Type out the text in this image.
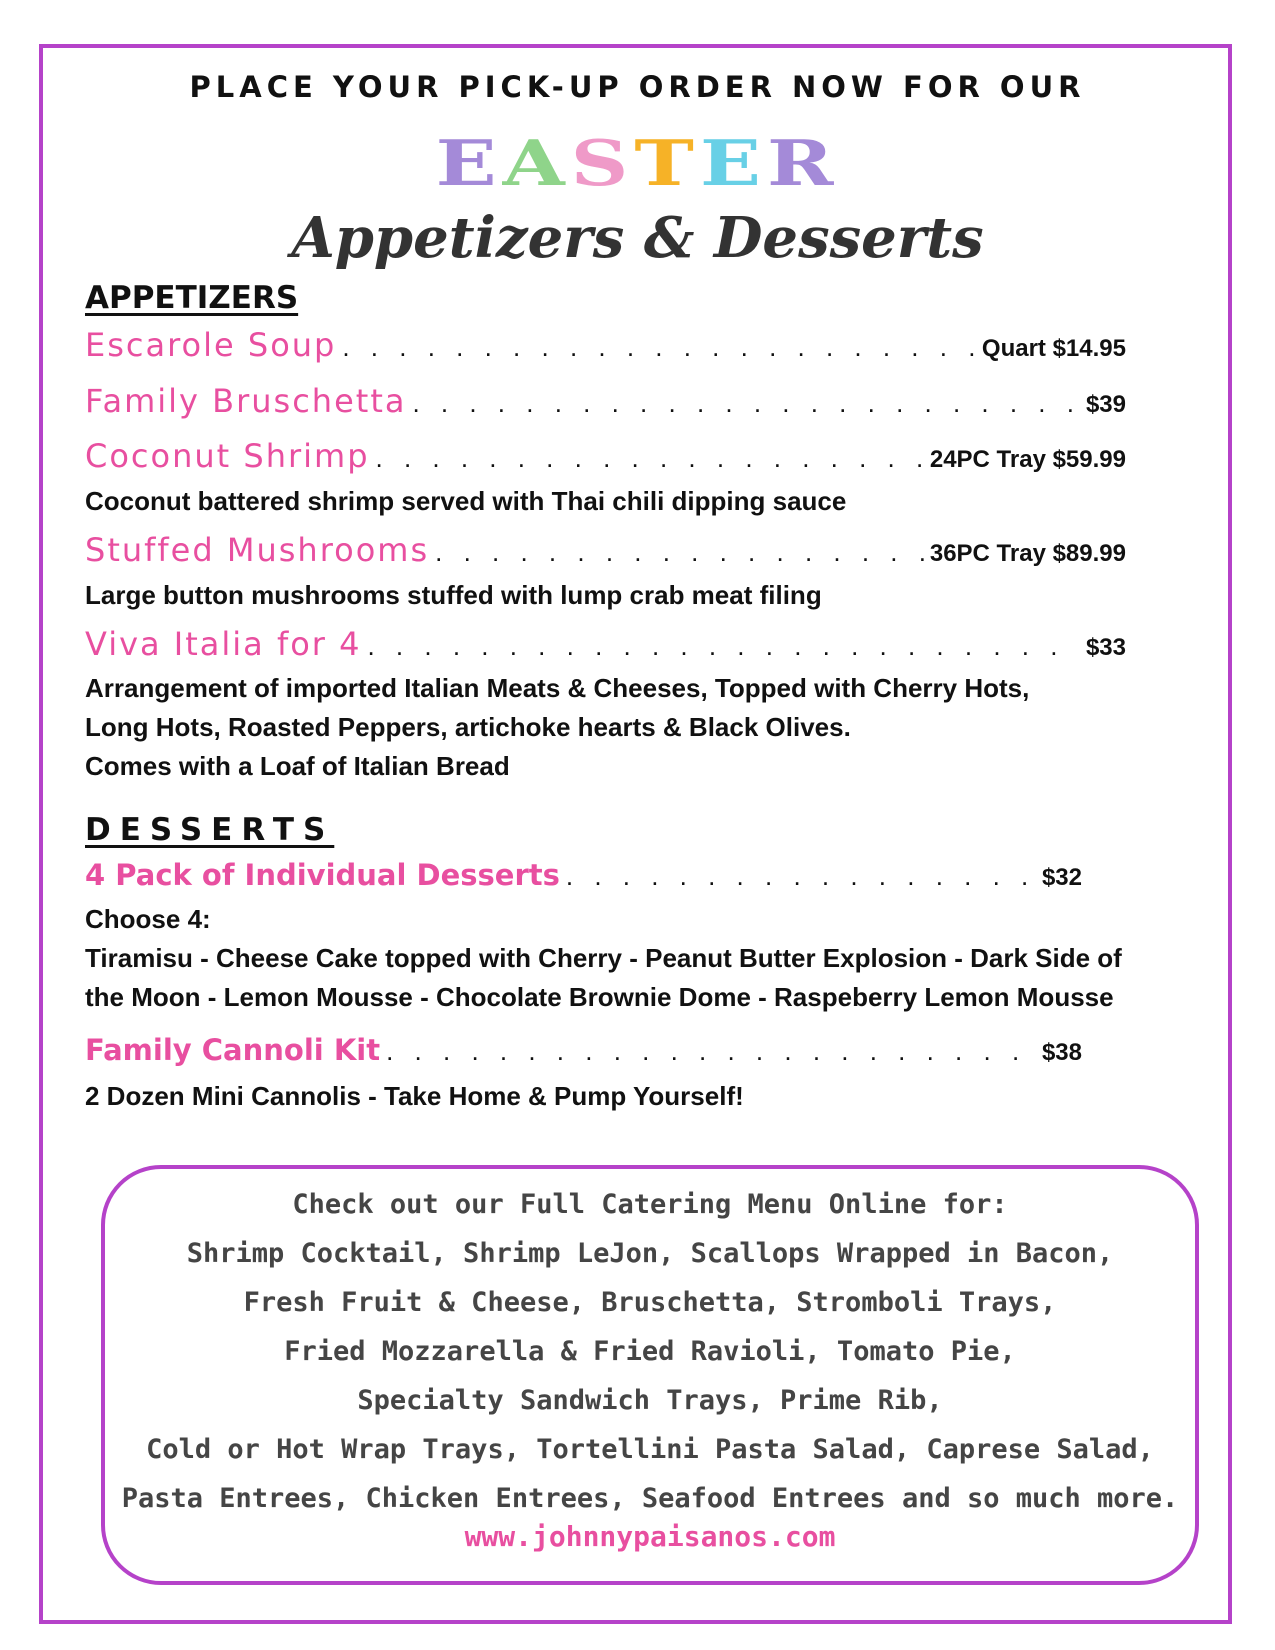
PLACE YOUR PICK-UP ORDER NOW FOR OUR
EASTER
Appetizers & Desserts
APPETIZERS
Escarole Soup . . .	Quart $14.95
Family Bruschetta . . .	$39
Coconut Shrimp . . .	24PC Tray $59.99
Coconut battered shrimp served with Thai chili dipping sauce
Stuffed Mushrooms . . .	36PC Tray $89.99
Large button mushrooms stuffed with lump crab meat filing
Viva Italia for 4 . . .	$33
Arrangement of imported Italian Meats & Cheeses, Topped with Cherry Hots,
Long Hots, Roasted Peppers, artichoke hearts & Black Olives.
Comes with a Loaf of Italian Bread
DESSERTS
4 Pack of Individual Desserts . . .	$32
Choose 4:
Tiramisu - Cheese Cake topped with Cherry - Peanut Butter Explosion - Dark Side of
the Moon - Lemon Mousse - Chocolate Brownie Dome - Raspeberry Lemon Mousse
Family Cannoli Kit . . .	$38
2 Dozen Mini Cannolis - Take Home & Pump Yourself!
Check out our Full Catering Menu Online for:
Shrimp Cocktail, Shrimp LeJon, Scallops Wrapped in Bacon,
Fresh Fruit & Cheese, Bruschetta, Stromboli Trays,
Fried Mozzarella & Fried Ravioli, Tomato Pie,
Specialty Sandwich Trays, Prime Rib,
Cold or Hot Wrap Trays, Tortellini Pasta Salad, Caprese Salad,
Pasta Entrees, Chicken Entrees, Seafood Entrees and so much more.
www.johnnypaisanos.com
